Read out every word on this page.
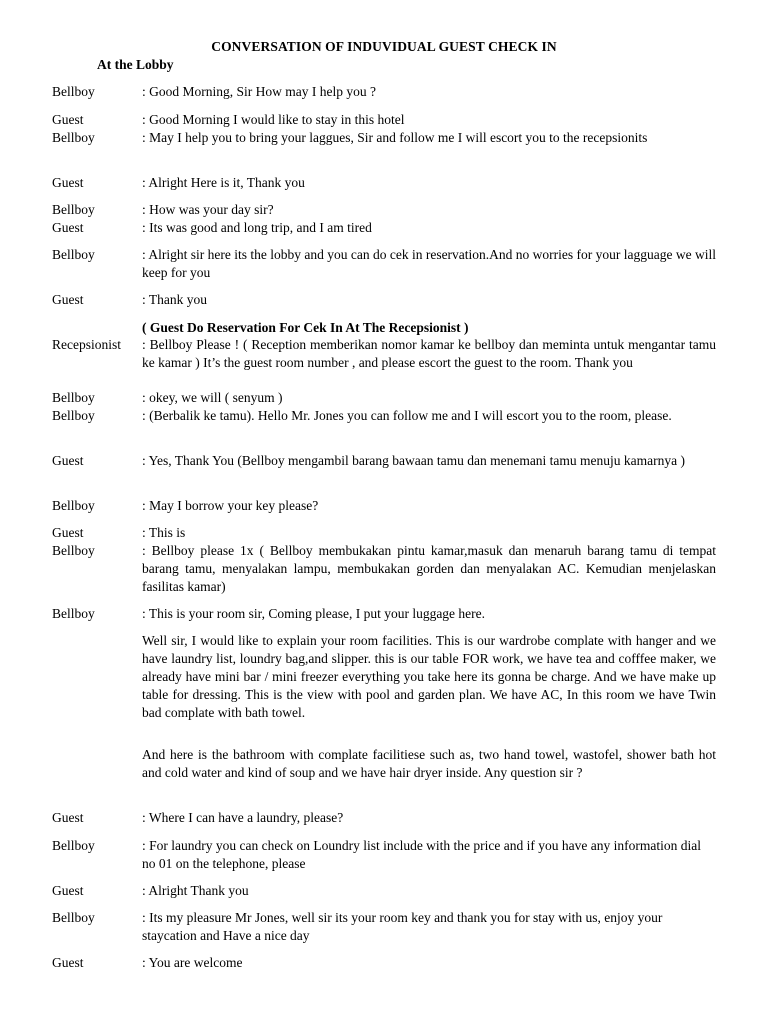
CONVERSATION OF INDUVIDUAL GUEST CHECK IN
At the Lobby
Bellboy	: Good Morning, Sir How may I help you ?
Guest	: Good Morning I would like to stay in this hotel
Bellboy	: May I help you to bring your laggues, Sir and follow me I will escort you to the recepsionits
Guest	: Alright Here is it, Thank you
Bellboy	: How was your day sir?
Guest	: Its was good and long trip, and I am tired
Bellboy	: Alright sir here its the lobby and you can do cek in reservation.And no worries for your lagguage we will keep for you
Guest	: Thank you
( Guest Do Reservation For Cek In At The Recepsionist )
Recepsionist : Bellboy Please ! ( Reception memberikan nomor kamar ke bellboy dan meminta untuk mengantar tamu ke kamar ) It’s the guest room number , and please escort the guest to the room. Thank you
Bellboy	: okey, we will ( senyum )
Bellboy	: (Berbalik ke tamu). Hello Mr. Jones you can follow me and I will escort you to the room, please.
Guest	: Yes, Thank You (Bellboy mengambil barang bawaan tamu dan menemani tamu menuju kamarnya )
Bellboy	: May I borrow your key please?
Guest	: This is
Bellboy	: Bellboy please 1x ( Bellboy membukakan pintu kamar,masuk dan menaruh barang tamu di tempat barang tamu, menyalakan lampu, membukakan gorden dan menyalakan AC. Kemudian menjelaskan fasilitas kamar)
Bellboy	: This is your room sir, Coming please, I put your luggage here.
Well sir, I would like to explain your room facilities. This is our wardrobe complate with hanger and we have laundry list, loundry bag,and slipper. this is our table FOR work, we have tea and cofffee maker, we already have mini bar / mini freezer everything you take here its gonna be charge. And we have make up table for dressing. This is the view with pool and garden plan. We have AC, In this room we have Twin bad complate with bath towel.
And here is the bathroom with complate facilitiese such as, two hand towel, wastofel, shower bath hot and cold water and kind of soup and we have hair dryer inside. Any question sir ?
Guest	: Where I can have a laundry, please?
Bellboy	: For laundry you can check on Loundry list include with the price and if you have any information dial no 01 on the telephone, please
Guest	: Alright Thank you
Bellboy	: Its my pleasure Mr Jones, well sir its your room key and thank you for stay with us, enjoy your staycation and Have a nice day
Guest	: You are welcome
